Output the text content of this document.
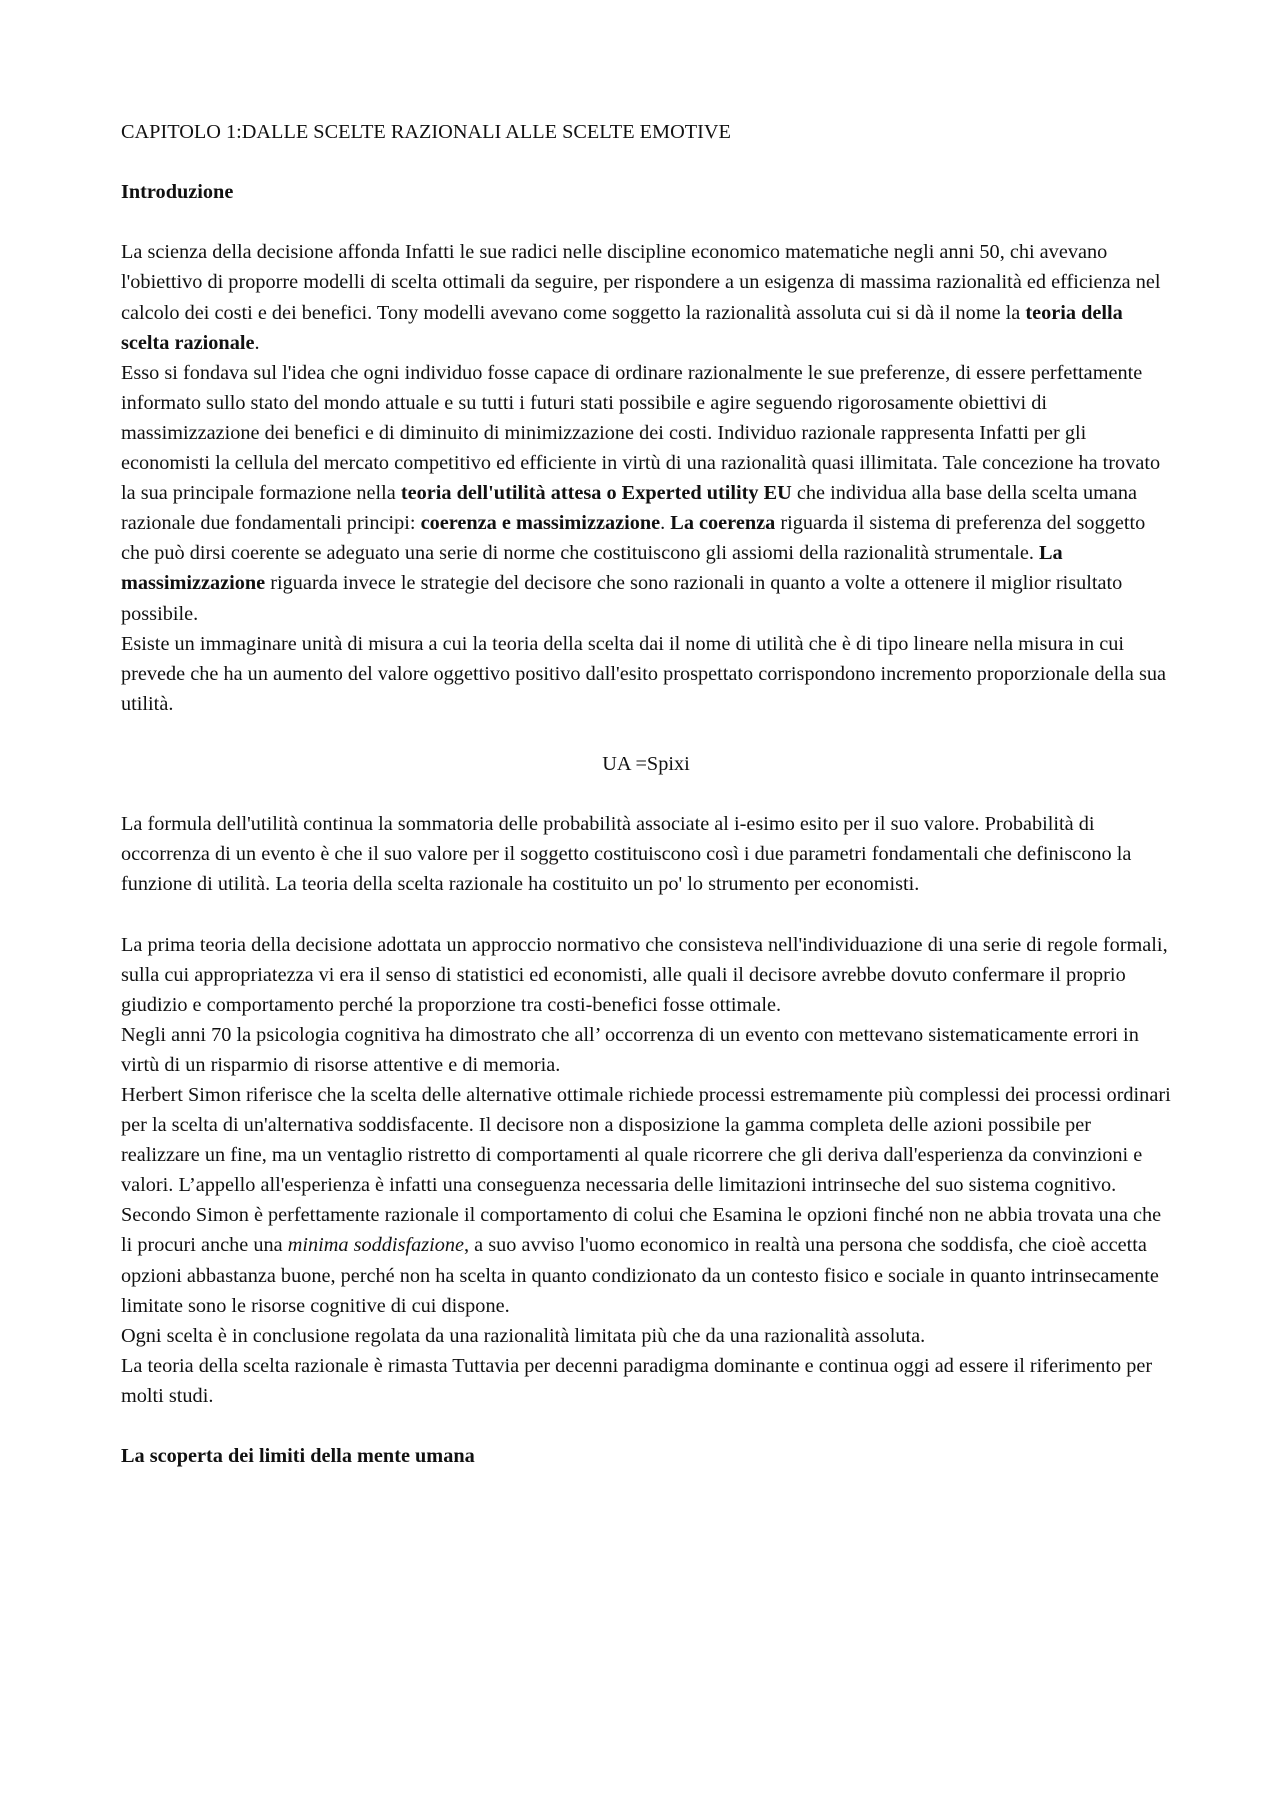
CAPITOLO 1:DALLE SCELTE RAZIONALI ALLE SCELTE EMOTIVE
Introduzione

La scienza della decisione affonda Infatti le sue radici nelle discipline economico matematiche negli anni 50, chi avevano l'obiettivo di proporre modelli di scelta ottimali da seguire, per rispondere a un esigenza di massima razionalità ed efficienza nel calcolo dei costi e dei benefici. Tony modelli avevano come soggetto la razionalità assoluta cui si dà il nome la teoria della scelta razionale.

Esso si fondava sul l'idea che ogni individuo fosse capace di ordinare razionalmente le sue preferenze, di essere perfettamente informato sullo stato del mondo attuale e su tutti i futuri stati possibile e agire seguendo rigorosamente obiettivi di massimizzazione dei benefici e di diminuito di minimizzazione dei costi. Individuo razionale rappresenta Infatti per gli economisti la cellula del mercato competitivo ed efficiente in virtù di una razionalità quasi illimitata. Tale concezione ha trovato la sua principale formazione nella teoria dell'utilità attesa o Experted utility EU che individua alla base della scelta umana razionale due fondamentali principi: coerenza e massimizzazione. La coerenza riguarda il sistema di preferenza del soggetto che può dirsi coerente se adeguato una serie di norme che costituiscono gli assiomi della razionalità strumentale. La massimizzazione riguarda invece le strategie del decisore che sono razionali in quanto a volte a ottenere il miglior risultato possibile.

Esiste un immaginare unità di misura a cui la teoria della scelta dai il nome di utilità che è di tipo lineare nella misura in cui prevede che ha un aumento del valore oggettivo positivo dall'esito prospettato corrispondono incremento proporzionale della sua utilità.

UA =Spixi

La formula dell'utilità continua la sommatoria delle probabilità associate al i-esimo esito per il suo valore. Probabilità di occorrenza di un evento è che il suo valore per il soggetto costituiscono così i due parametri fondamentali che definiscono la funzione di utilità. La teoria della scelta razionale ha costituito un po' lo strumento per economisti.

La prima teoria della decisione adottata un approccio normativo che consisteva nell'individuazione di una serie di regole formali, sulla cui appropriatezza vi era il senso di statistici ed economisti, alle quali il decisore avrebbe dovuto confermare il proprio giudizio e comportamento perché la proporzione tra costi-benefici fosse ottimale.

Negli anni 70 la psicologia cognitiva ha dimostrato che all’ occorrenza di un evento con mettevano sistematicamente errori in virtù di un risparmio di risorse attentive e di memoria.

Herbert Simon riferisce che la scelta delle alternative ottimale richiede processi estremamente più complessi dei processi ordinari per la scelta di un'alternativa soddisfacente. Il decisore non a disposizione la gamma completa delle azioni possibile per realizzare un fine, ma un ventaglio ristretto di comportamenti al quale ricorrere che gli deriva dall'esperienza da convinzioni e valori. L’appello all'esperienza è infatti una conseguenza necessaria delle limitazioni intrinseche del suo sistema cognitivo.

Secondo Simon è perfettamente razionale il comportamento di colui che Esamina le opzioni finché non ne abbia trovata una che li procuri anche una minima soddisfazione, a suo avviso l'uomo economico in realtà una persona che soddisfa, che cioè accetta opzioni abbastanza buone, perché non ha scelta in quanto condizionato da un contesto fisico e sociale in quanto intrinsecamente limitate sono le risorse cognitive di cui dispone.

Ogni scelta è in conclusione regolata da una razionalità limitata più che da una razionalità assoluta.

La teoria della scelta razionale è rimasta Tuttavia per decenni paradigma dominante e continua oggi ad essere il riferimento per molti studi.

La scoperta dei limiti della mente umana
